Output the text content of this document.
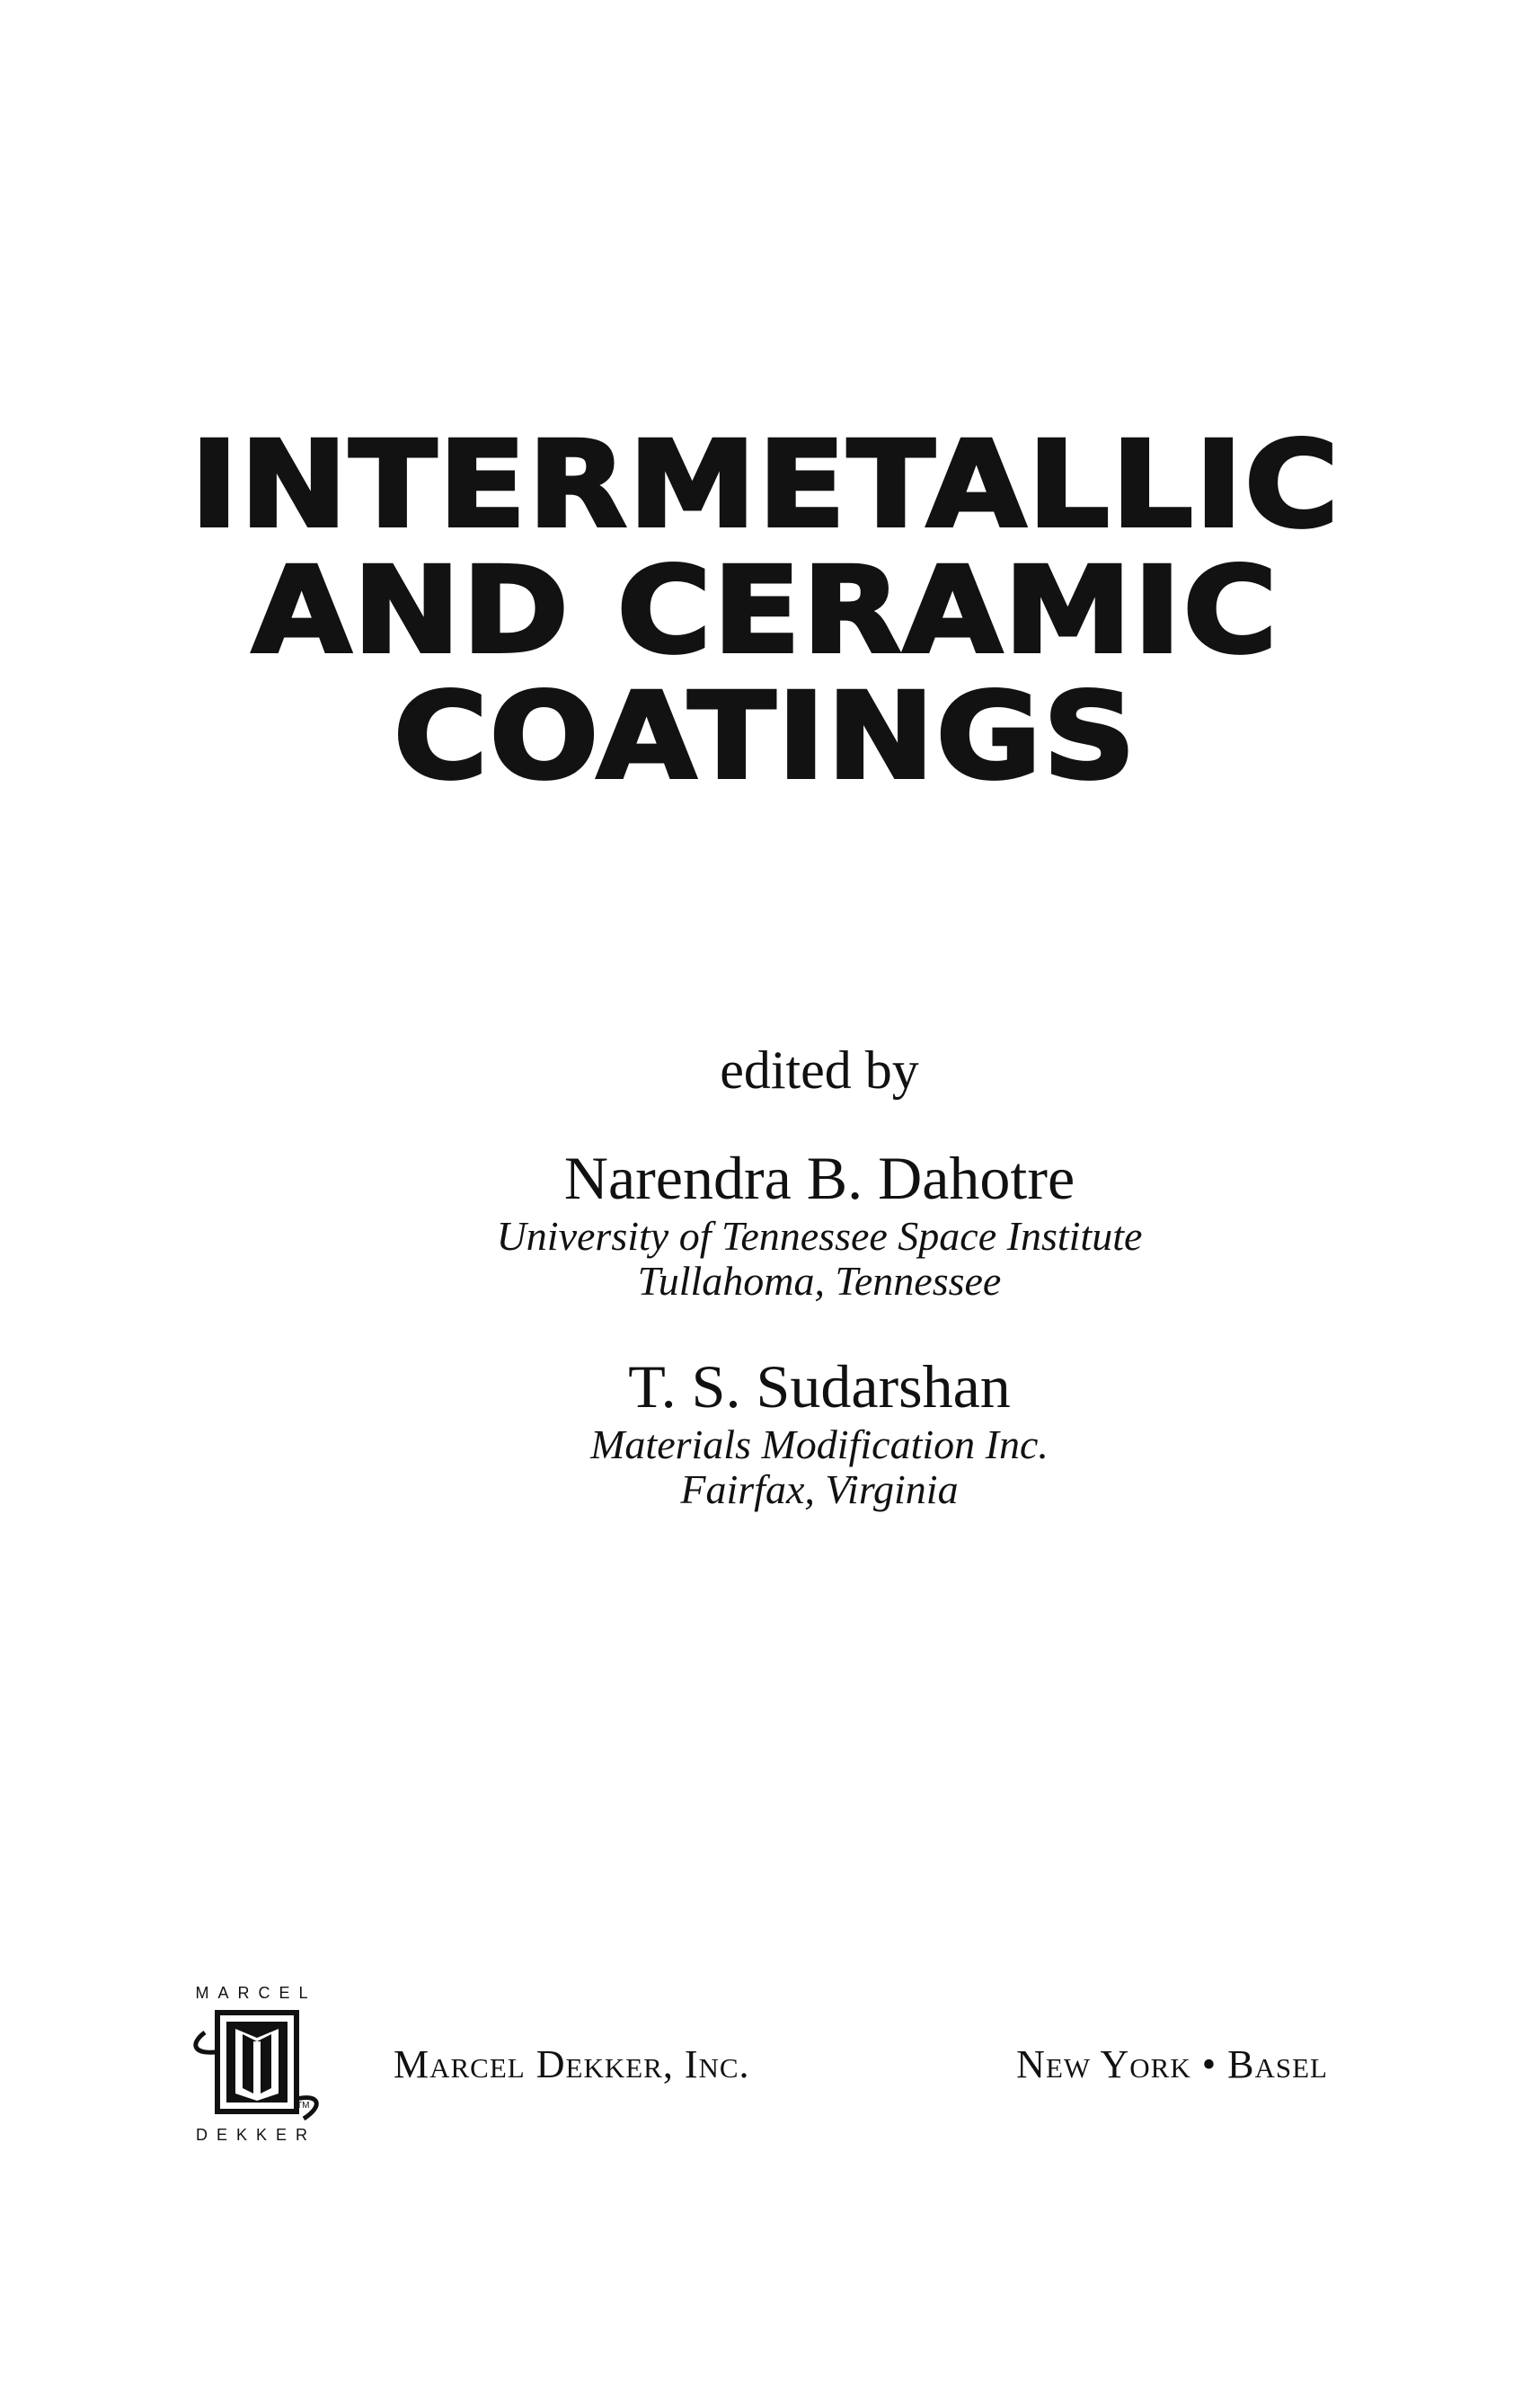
INTERMETALLIC
AND CERAMIC
COATINGS
edited by
Narendra B. Dahotre
University of Tennessee Space Institute
Tullahoma, Tennessee
T. S. Sudarshan
Materials Modification Inc.
Fairfax, Virginia
MARCEL
TM
DEKKER
Marcel Dekker, Inc.	New York • Basel
